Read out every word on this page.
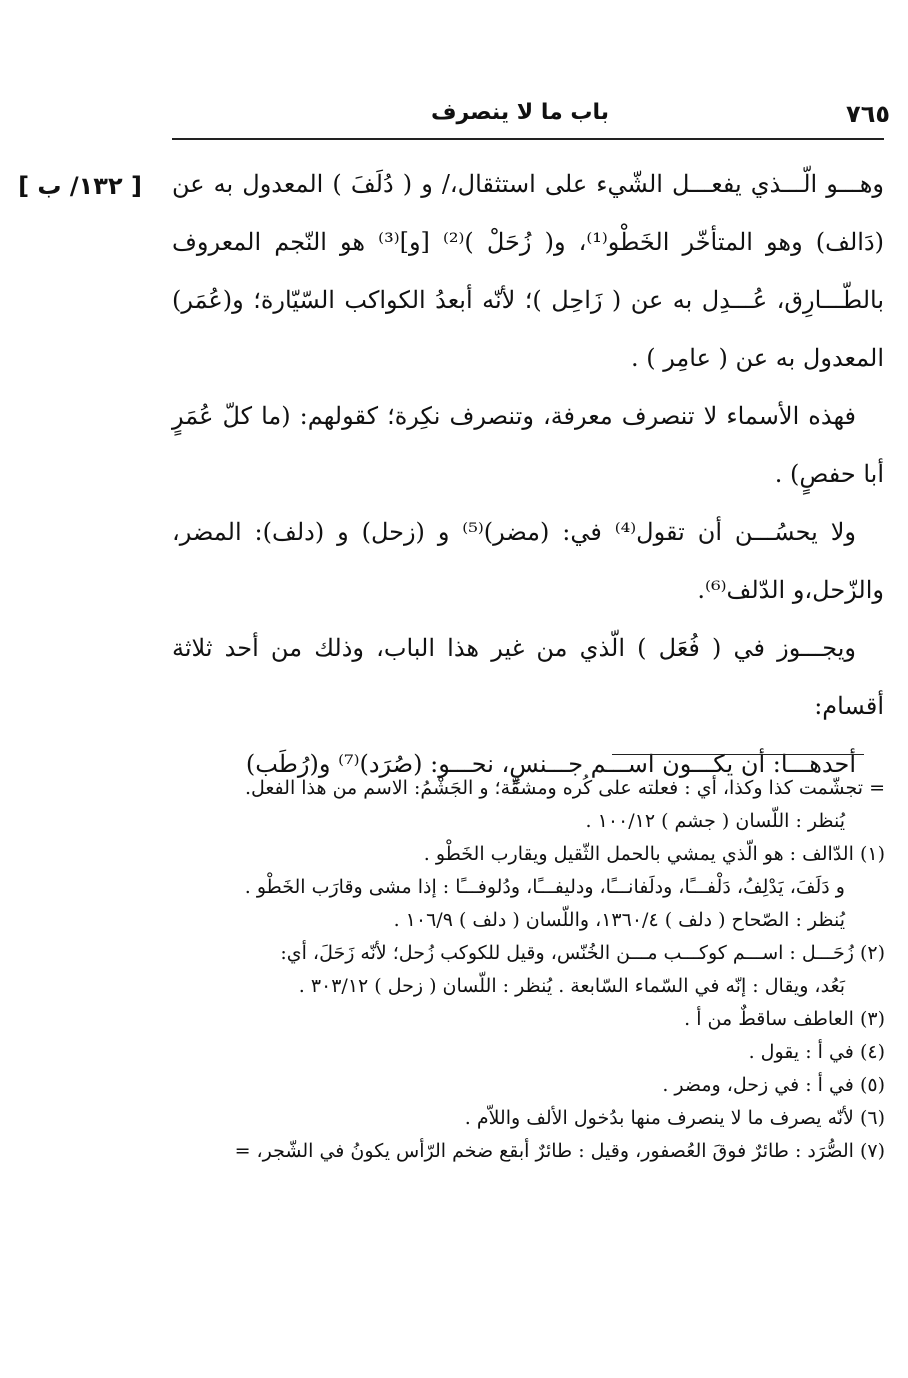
٧٦٥
باب ما لا ينصرف
[ ١٣٢/ ب ] وهـــو الّـــذي يفعـــل الشّيء على استثقال،/ و ( دُلَفَ ) المعدول به عن (دَالف) وهو المتأخّر الخَطْو⁽¹⁾، و( زُحَلْ )⁽²⁾ [و]⁽³⁾ هو النّجم المعروف بالطّـــارِق، عُـــدِل به عن ( زَاحِل )؛ لأنّه أبعدُ الكواكب السّيّارة؛ و(عُمَر) المعدول به عن ( عامِر ) .

فهذه الأسماء لا تنصرف معرفة، وتنصرف نكِرة؛ كقولهم: (ما كلّ عُمَرٍ أبا حفصٍ) .

ولا يحسُـــن أن تقول⁽⁴⁾ في: (مضر)⁽⁵⁾ و (زحل) و (دلف): المضر، والزّحل،و الدّلف⁽⁶⁾.

ويجـــوز في ( فُعَل ) الّذي من غير هذا الباب، وذلك من أحد ثلاثة أقسام:

أحدهـــا: أن يكـــون اســـم جـــنسٍ، نحـــو: (صُرَد)⁽⁷⁾ و(رُطَب)

= تجشّمت كذا وكذا، أي : فعلته على كُره ومشقّة؛ و الجَشْمُ: الاسم من هذا الفعل.
يُنظر : اللّسان ( جشم ) ١٠٠/١٢ .
(١) الدّالف : هو الّذي يمشي بالحمل الثّقيل ويقارب الخَطْو .
و دَلَفَ، يَدْلِفُ، دَلْفـــًا، ودلَفانـــًا، ودليفـــًا، ودُلوفـــًا : إذا مشى وقارَب الخَطْو .
يُنظر : الصّحاح ( دلف ) ١٣٦٠/٤، واللّسان ( دلف ) ١٠٦/٩ .
(٢) زُحَـــل : اســـم كوكـــب مـــن الخُنّس، وقيل للكوكب زُحل؛ لأنّه زَحَلَ، أي:
بَعُد، ويقال : إنّه في السّماء السّابعة . يُنظر : اللّسان ( زحل ) ٣٠٣/١٢ .
(٣) العاطف ساقطٌ من أ .
(٤) في أ : يقول .
(٥) في أ : في زحل، ومضر .
(٦) لأنّه يصرف ما لا ينصرف منها بدُخول الألف واللاّم .
(٧) الصُّرَد : طائرٌ فوقَ العُصفور، وقيل : طائرٌ أبقع ضخم الرّأس يكونُ في الشّجر، =
